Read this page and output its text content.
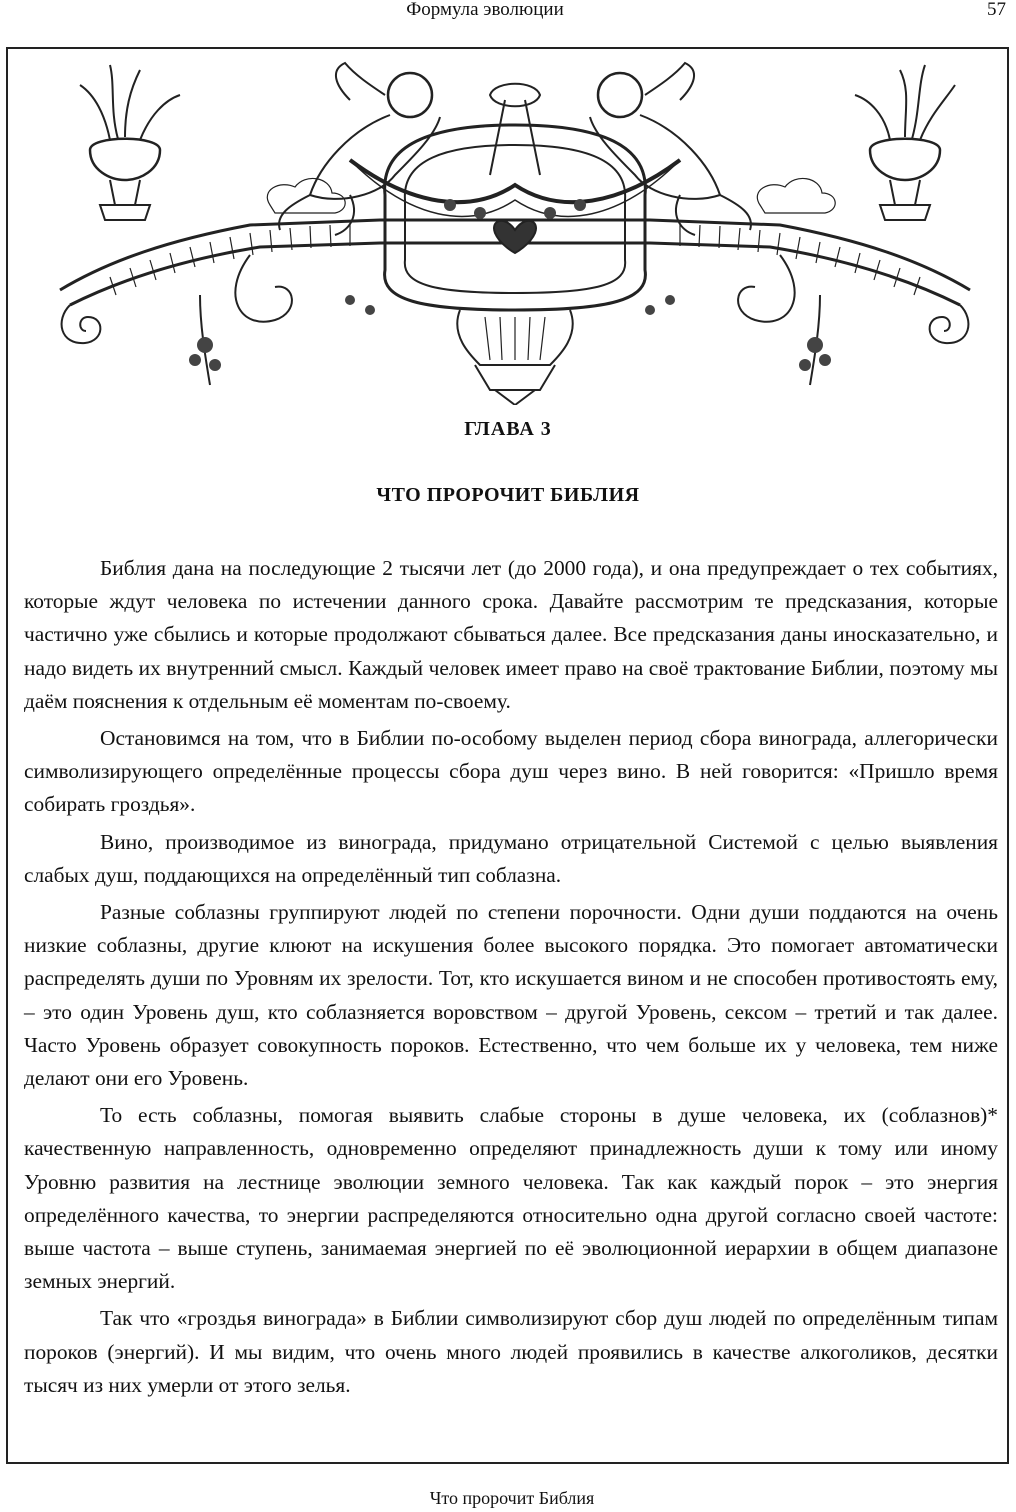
Формула эволюции	57
ГЛАВА 3
ЧТО ПРОРОЧИТ БИБЛИЯ

Библия дана на последующие 2 тысячи лет (до 2000 года), и она предупреждает о тех событиях, которые ждут человека по истечении данного срока. Давайте рассмотрим те предсказания, которые частично уже сбылись и которые продолжают сбываться далее. Все предсказания даны иносказательно, и надо видеть их внутренний смысл. Каждый человек имеет право на своё трактование Библии, поэтому мы даём пояснения к отдельным её моментам по-своему.

Остановимся на том, что в Библии по-особому выделен период сбора винограда, аллегорически символизирующего определённые процессы сбора душ через вино. В ней говорится: «Пришло время собирать гроздья».

Вино, производимое из винограда, придумано отрицательной Системой с целью выявления слабых душ, поддающихся на определённый тип соблазна.

Разные соблазны группируют людей по степени порочности. Одни души поддаются на очень низкие соблазны, другие клюют на искушения более высокого порядка. Это помогает автоматически распределять души по Уровням их зрелости. Тот, кто искушается вином и не способен противостоять ему, – это один Уровень душ, кто соблазняется воровством – другой Уровень, сексом – третий и так далее. Часто Уровень образует совокупность пороков. Естественно, что чем больше их у человека, тем ниже делают они его Уровень.

То есть соблазны, помогая выявить слабые стороны в душе человека, их (соблазнов)* качественную направленность, одновременно определяют принадлежность души к тому или иному Уровню развития на лестнице эволюции земного человека. Так как каждый порок – это энергия определённого качества, то энергии распределяются относительно одна другой согласно своей частоте: выше частота – выше ступень, занимаемая энергией по её эволюционной иерархии в общем диапазоне земных энергий.

Так что «гроздья винограда» в Библии символизируют сбор душ людей по определённым типам пороков (энергий). И мы видим, что очень много людей проявились в качестве алкоголиков, десятки тысяч из них умерли от этого зелья.

Что пророчит Библия
